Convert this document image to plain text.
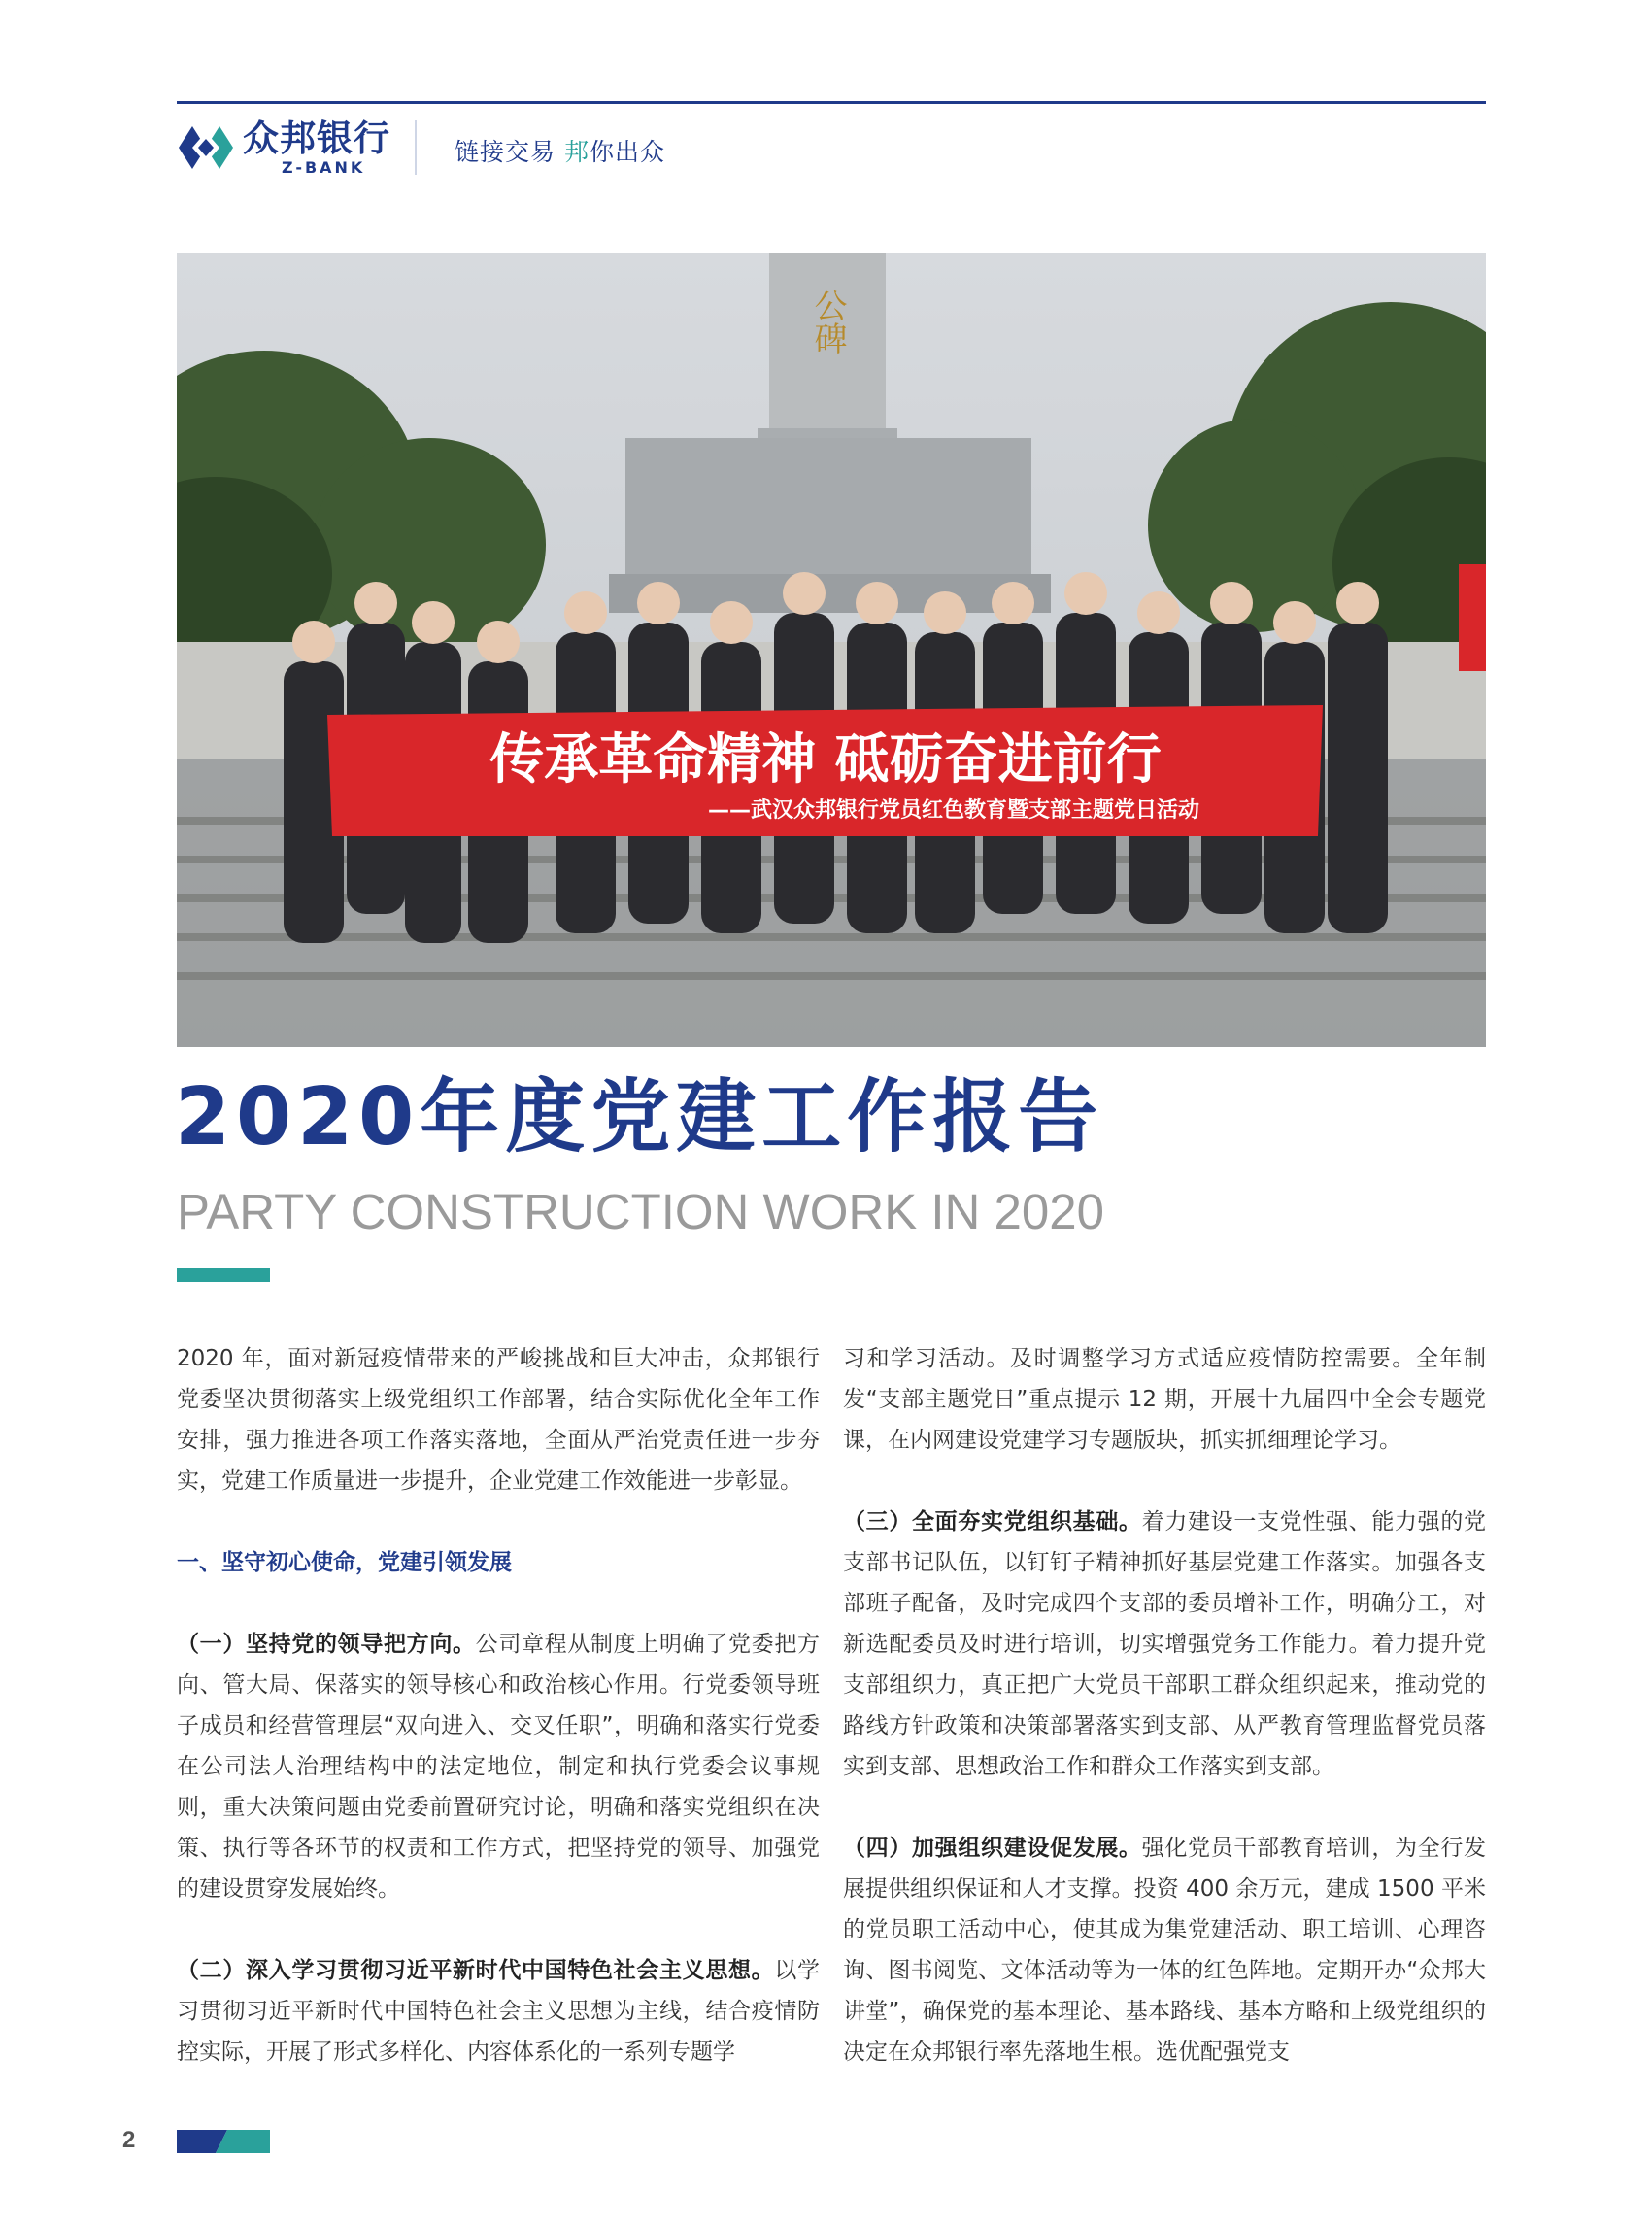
众邦银行
Z-BANK
链接交易 邦你出众
公碑
传承革命精神 砥砺奋进前行
——武汉众邦银行党员红色教育暨支部主题党日活动
2020年度党建工作报告
PARTY CONSTRUCTION WORK IN 2020

2020 年，面对新冠疫情带来的严峻挑战和巨大冲击，众邦银行党委坚决贯彻落实上级党组织工作部署，结合实际优化全年工作安排，强力推进各项工作落实落地，全面从严治党责任进一步夯实，党建工作质量进一步提升，企业党建工作效能进一步彰显。

一、坚守初心使命，党建引领发展

（一）坚持党的领导把方向。公司章程从制度上明确了党委把方向、管大局、保落实的领导核心和政治核心作用。行党委领导班子成员和经营管理层“双向进入、交叉任职”，明确和落实行党委在公司法人治理结构中的法定地位，制定和执行党委会议事规则，重大决策问题由党委前置研究讨论，明确和落实党组织在决策、执行等各环节的权责和工作方式，把坚持党的领导、加强党的建设贯穿发展始终。

（二）深入学习贯彻习近平新时代中国特色社会主义思想。以学习贯彻习近平新时代中国特色社会主义思想为主线，结合疫情防控实际，开展了形式多样化、内容体系化的一系列专题学

习和学习活动。及时调整学习方式适应疫情防控需要。全年制发“支部主题党日”重点提示 12 期，开展十九届四中全会专题党课，在内网建设党建学习专题版块，抓实抓细理论学习。

（三）全面夯实党组织基础。着力建设一支党性强、能力强的党支部书记队伍，以钉钉子精神抓好基层党建工作落实。加强各支部班子配备，及时完成四个支部的委员增补工作，明确分工，对新选配委员及时进行培训，切实增强党务工作能力。着力提升党支部组织力，真正把广大党员干部职工群众组织起来，推动党的路线方针政策和决策部署落实到支部、从严教育管理监督党员落实到支部、思想政治工作和群众工作落实到支部。

（四）加强组织建设促发展。强化党员干部教育培训，为全行发展提供组织保证和人才支撑。投资 400 余万元，建成 1500 平米的党员职工活动中心，使其成为集党建活动、职工培训、心理咨询、图书阅览、文体活动等为一体的红色阵地。定期开办“众邦大讲堂”，确保党的基本理论、基本路线、基本方略和上级党组织的决定在众邦银行率先落地生根。选优配强党支

2
